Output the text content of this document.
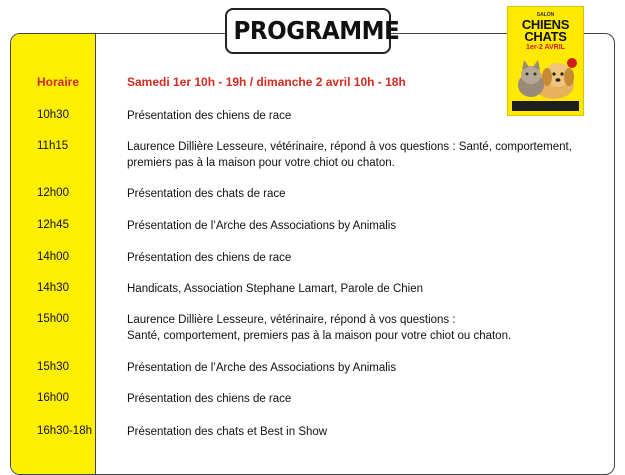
Horaire	Samedi 1er 10h - 19h / dimanche 2 avril 10h - 18h
10h30	Présentation des chiens de race
11h15	Laurence Dillière Lesseure, vétérinaire, répond à vos questions : Santé, comportement,
premiers pas à la maison pour votre chiot ou chaton.
12h00	Présentation des chats de race
12h45	Présentation de l’Arche des Associations by Animalis
14h00	Présentation des chiens de race
14h30	Handicats, Association Stephane Lamart, Parole de Chien
15h00	Laurence Dillière Lesseure, vétérinaire, répond à vos questions :
Santé, comportement, premiers pas à la maison pour votre chiot ou chaton.
15h30	Présentation de l’Arche des Associations by Animalis
16h00	Présentation des chiens de race
16h30-18h	Présentation des chats et Best in Show
PROGRAMME
SALON
CHIENS
CHATS
1er-2 AVRIL
